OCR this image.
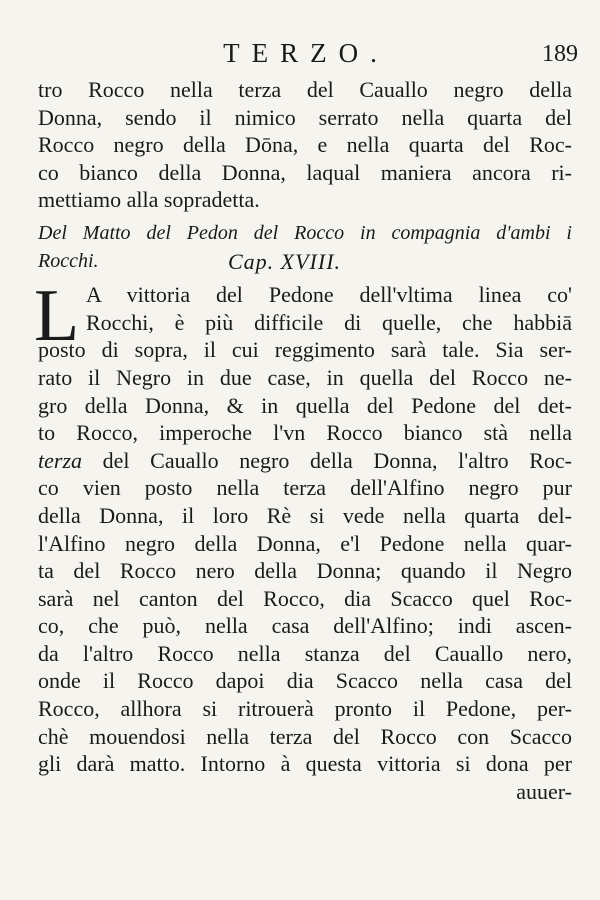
TERZO.	189
tro Rocco nella terza del Cauallo negro della
Donna, sendo il nimico serrato nella quarta del
Rocco negro della Dōna, e nella quarta del Roc-
co bianco della Donna, laqual maniera ancora ri-
mettiamo alla sopradetta.
Del Matto del Pedon del Rocco in compagnia d'ambi i
Rocchi.	Cap. XVIII.
L A vittoria del Pedone dell'vltima linea co'
Rocchi, è più difficile di quelle, che habbiā
posto di sopra, il cui reggimento sarà tale. Sia ser-
rato il Negro in due case, in quella del Rocco ne-
gro della Donna, & in quella del Pedone del det-
to Rocco, imperoche l'vn Rocco bianco stà nella
terza del Cauallo negro della Donna, l'altro Roc-
co vien posto nella terza dell'Alfino negro pur
della Donna, il loro Rè si vede nella quarta del-
l'Alfino negro della Donna, e'l Pedone nella quar-
ta del Rocco nero della Donna; quando il Negro
sarà nel canton del Rocco, dia Scacco quel Roc-
co, che può, nella casa dell'Alfino; indi ascen-
da l'altro Rocco nella stanza del Cauallo nero,
onde il Rocco dapoi dia Scacco nella casa del
Rocco, allhora si ritrouerà pronto il Pedone, per-
chè mouendosi nella terza del Rocco con Scacco
gli darà matto. Intorno à questa vittoria si dona per
auuer-
